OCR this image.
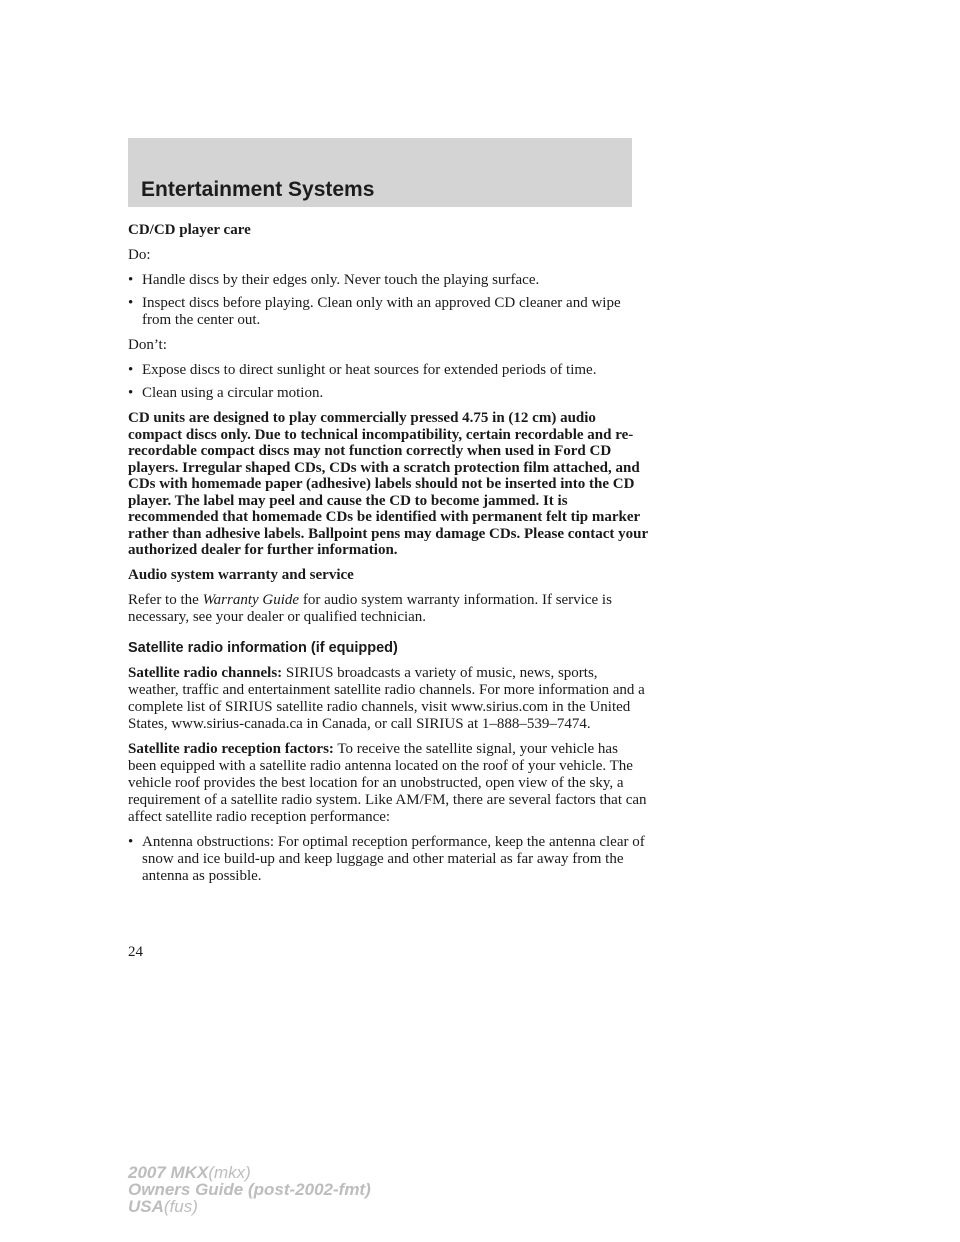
Entertainment Systems

CD/CD player care

Do:

• Handle discs by their edges only. Never touch the playing surface.
• Inspect discs before playing. Clean only with an approved CD cleaner and wipe from the center out.

Don’t:

• Expose discs to direct sunlight or heat sources for extended periods of time.
• Clean using a circular motion.

CD units are designed to play commercially pressed 4.75 in (12 cm) audio compact discs only. Due to technical incompatibility, certain recordable and re-recordable compact discs may not function correctly when used in Ford CD players. Irregular shaped CDs, CDs with a scratch protection film attached, and CDs with homemade paper (adhesive) labels should not be inserted into the CD player. The label may peel and cause the CD to become jammed. It is recommended that homemade CDs be identified with permanent felt tip marker rather than adhesive labels. Ballpoint pens may damage CDs. Please contact your authorized dealer for further information.

Audio system warranty and service

Refer to the Warranty Guide for audio system warranty information. If service is necessary, see your dealer or qualified technician.

Satellite radio information (if equipped)

Satellite radio channels: SIRIUS broadcasts a variety of music, news, sports, weather, traffic and entertainment satellite radio channels. For more information and a complete list of SIRIUS satellite radio channels, visit www.sirius.com in the United States, www.sirius-canada.ca in Canada, or call SIRIUS at 1–888–539–7474.

Satellite radio reception factors: To receive the satellite signal, your vehicle has been equipped with a satellite radio antenna located on the roof of your vehicle. The vehicle roof provides the best location for an unobstructed, open view of the sky, a requirement of a satellite radio system. Like AM/FM, there are several factors that can affect satellite radio reception performance:

• Antenna obstructions: For optimal reception performance, keep the antenna clear of snow and ice build-up and keep luggage and other material as far away from the antenna as possible.
24
2007 MKX(mkx)
Owners Guide (post-2002-fmt)
USA(fus)
